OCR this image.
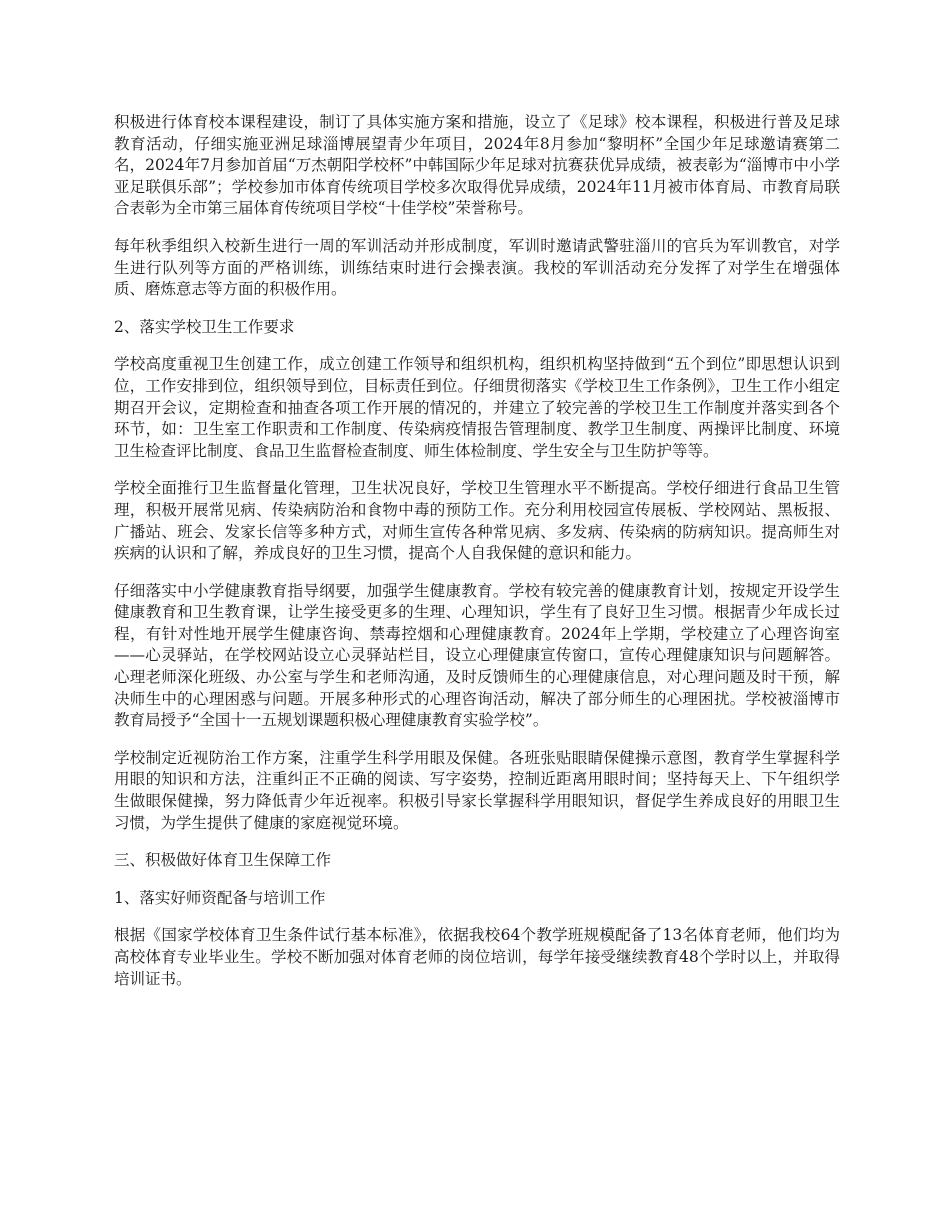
积极进行体育校本课程建设，制订了具体实施方案和措施，设立了《足球》校本课程，积极进行普及足球教育活动，仔细实施亚洲足球淄博展望青少年项目，2024年8月参加“黎明杯”全国少年足球邀请赛第二名，2024年7月参加首届“万杰朝阳学校杯”中韩国际少年足球对抗赛获优异成绩，被表彰为“淄博市中小学亚足联俱乐部”；学校参加市体育传统项目学校多次取得优异成绩，2024年11月被市体育局、市教育局联合表彰为全市第三届体育传统项目学校“十佳学校”荣誉称号。

每年秋季组织入校新生进行一周的军训活动并形成制度，军训时邀请武警驻淄川的官兵为军训教官，对学生进行队列等方面的严格训练，训练结束时进行会操表演。我校的军训活动充分发挥了对学生在增强体质、磨炼意志等方面的积极作用。

2、落实学校卫生工作要求

学校高度重视卫生创建工作，成立创建工作领导和组织机构，组织机构坚持做到“五个到位”即思想认识到位，工作安排到位，组织领导到位，目标责任到位。仔细贯彻落实《学校卫生工作条例》，卫生工作小组定期召开会议，定期检查和抽查各项工作开展的情况的，并建立了较完善的学校卫生工作制度并落实到各个环节，如：卫生室工作职责和工作制度、传染病疫情报告管理制度、教学卫生制度、两操评比制度、环境卫生检查评比制度、食品卫生监督检查制度、师生体检制度、学生安全与卫生防护等等。

学校全面推行卫生监督量化管理，卫生状况良好，学校卫生管理水平不断提高。学校仔细进行食品卫生管理，积极开展常见病、传染病防治和食物中毒的预防工作。充分利用校园宣传展板、学校网站、黑板报、广播站、班会、发家长信等多种方式，对师生宣传各种常见病、多发病、传染病的防病知识。提高师生对疾病的认识和了解，养成良好的卫生习惯，提高个人自我保健的意识和能力。

仔细落实中小学健康教育指导纲要，加强学生健康教育。学校有较完善的健康教育计划，按规定开设学生健康教育和卫生教育课，让学生接受更多的生理、心理知识，学生有了良好卫生习惯。根据青少年成长过程，有针对性地开展学生健康咨询、禁毒控烟和心理健康教育。2024年上学期，学校建立了心理咨询室——心灵驿站，在学校网站设立心灵驿站栏目，设立心理健康宣传窗口，宣传心理健康知识与问题解答。心理老师深化班级、办公室与学生和老师沟通，及时反馈师生的心理健康信息，对心理问题及时干预，解决师生中的心理困惑与问题。开展多种形式的心理咨询活动，解决了部分师生的心理困扰。学校被淄博市教育局授予“全国十一五规划课题积极心理健康教育实验学校”。

学校制定近视防治工作方案，注重学生科学用眼及保健。各班张贴眼睛保健操示意图，教育学生掌握科学用眼的知识和方法，注重纠正不正确的阅读、写字姿势，控制近距离用眼时间；坚持每天上、下午组织学生做眼保健操，努力降低青少年近视率。积极引导家长掌握科学用眼知识，督促学生养成良好的用眼卫生习惯，为学生提供了健康的家庭视觉环境。

三、积极做好体育卫生保障工作

1、落实好师资配备与培训工作

根据《国家学校体育卫生条件试行基本标准》，依据我校64个教学班规模配备了13名体育老师，他们均为高校体育专业毕业生。学校不断加强对体育老师的岗位培训，每学年接受继续教育48个学时以上，并取得培训证书。
